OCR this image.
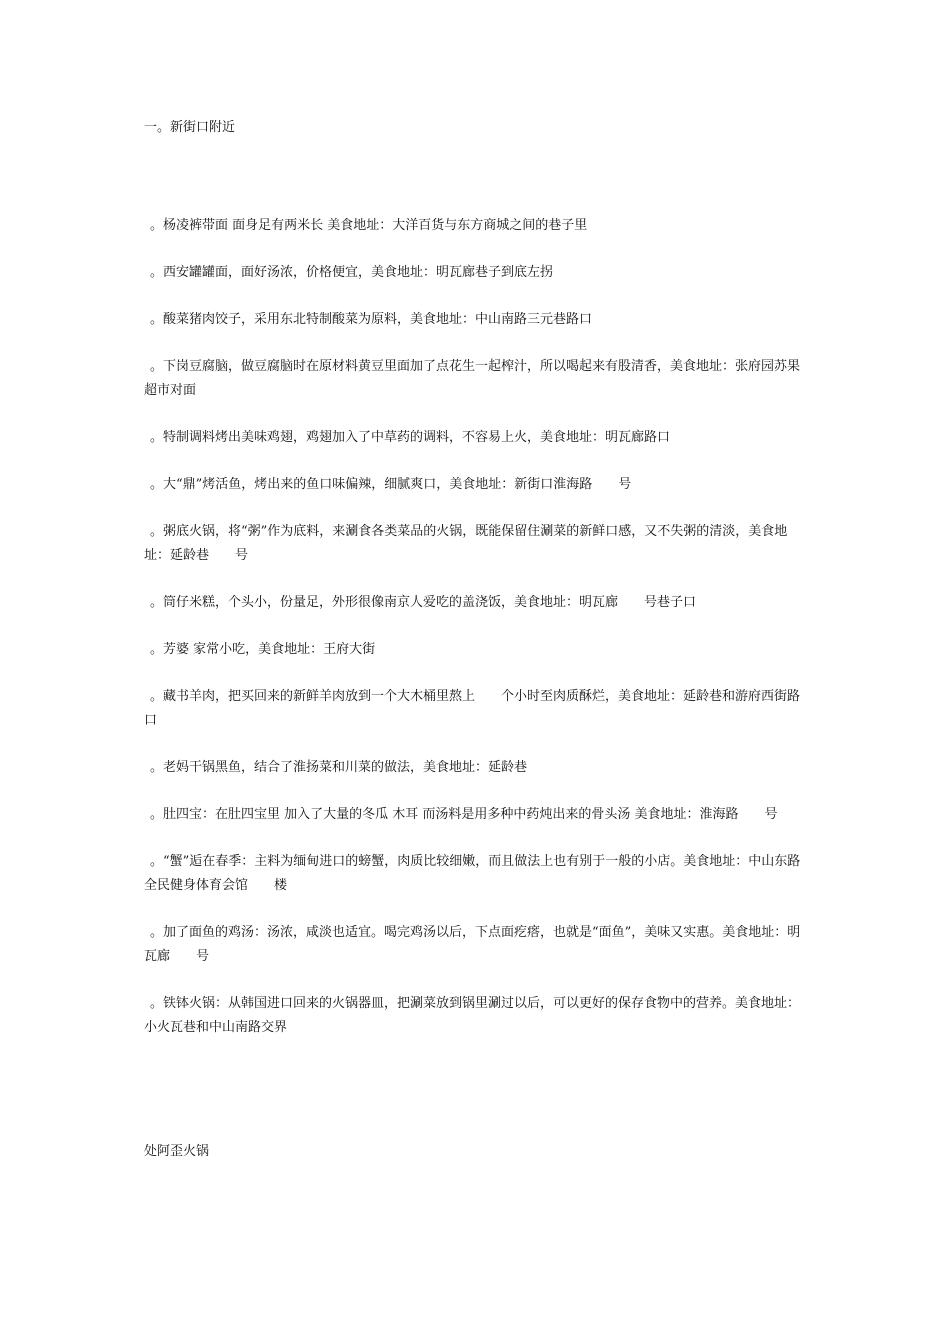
一。新街口附近
。杨凌裤带面 面身足有两米长 美食地址：大洋百货与东方商城之间的巷子里
。西安罐罐面，面好汤浓，价格便宜，美食地址：明瓦廊巷子到底左拐
。酸菜猪肉饺子，采用东北特制酸菜为原料，美食地址：中山南路三元巷路口
。下岗豆腐脑，做豆腐脑时在原材料黄豆里面加了点花生一起榨汁，所以喝起来有股清香，美食地址：张府园苏果超市对面
。特制调料烤出美味鸡翅，鸡翅加入了中草药的调料，不容易上火，美食地址：明瓦廊路口
。大“鼎”烤活鱼，烤出来的鱼口味偏辣，细腻爽口，美食地址：新街口淮海路　　号
。粥底火锅，将“粥”作为底料，来涮食各类菜品的火锅，既能保留住涮菜的新鲜口感，又不失粥的清淡，美食地址：延龄巷　　号
。筒仔米糕，个头小，份量足，外形很像南京人爱吃的盖浇饭，美食地址：明瓦廊　　号巷子口
。芳婆 家常小吃，美食地址：王府大街
。藏书羊肉，把买回来的新鲜羊肉放到一个大木桶里熬上　　个小时至肉质酥烂，美食地址：延龄巷和游府西街路口
。老妈干锅黑鱼，结合了淮扬菜和川菜的做法，美食地址：延龄巷
。肚四宝：在肚四宝里 加入了大量的冬瓜 木耳 而汤料是用多种中药炖出来的骨头汤 美食地址：淮海路　　号
。“蟹”逅在春季：主料为缅甸进口的螃蟹，肉质比较细嫩，而且做法上也有别于一般的小店。美食地址：中山东路全民健身体育会馆　　楼
。加了面鱼的鸡汤：汤浓，咸淡也适宜。喝完鸡汤以后，下点面疙瘩，也就是“面鱼”，美味又实惠。美食地址：明瓦廊　　号
。铁钵火锅：从韩国进口回来的火锅器皿，把涮菜放到锅里涮过以后，可以更好的保存食物中的营养。美食地址：小火瓦巷和中山南路交界
处阿歪火锅
